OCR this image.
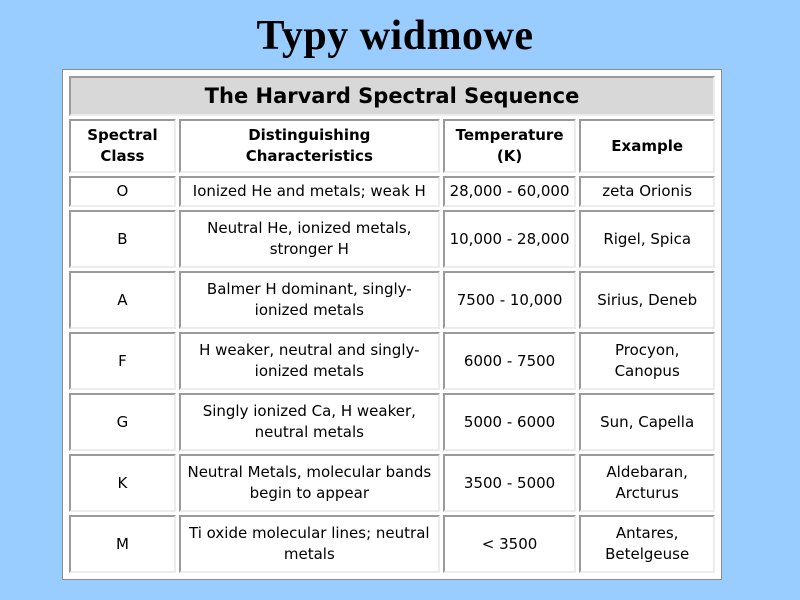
Typy widmowe
The Harvard Spectral Sequence			
Spectral Class	Distinguishing Characteristics	Temperature (K)	Example
O	Ionized He and metals; weak H	28,000 - 60,000	zeta Orionis
B	Neutral He, ionized metals, stronger H	10,000 - 28,000	Rigel, Spica
A	Balmer H dominant, singly-ionized metals	7500 - 10,000	Sirius, Deneb
F	H weaker, neutral and singly-ionized metals	6000 - 7500	Procyon, Canopus
G	Singly ionized Ca, H weaker, neutral metals	5000 - 6000	Sun, Capella
K	Neutral Metals, molecular bands begin to appear	3500 - 5000	Aldebaran, Arcturus
M	Ti oxide molecular lines; neutral metals	< 3500	Antares, Betelgeuse
